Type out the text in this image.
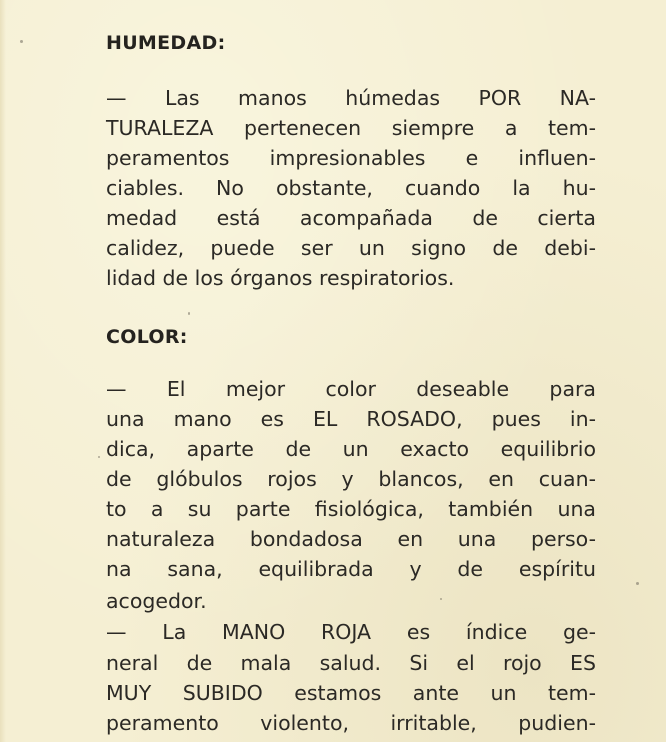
HUMEDAD:
— Las manos húmedas POR NA-
TURALEZA pertenecen siempre a tem-
peramentos impresionables e influen-
ciables. No obstante, cuando la hu-
medad está acompañada de cierta
calidez, puede ser un signo de debi-
lidad de los órganos respiratorios.
COLOR:
— El mejor color deseable para
una mano es EL ROSADO, pues in-
dica, aparte de un exacto equilibrio
de glóbulos rojos y blancos, en cuan-
to a su parte fisiológica, también una
naturaleza bondadosa en una perso-
na sana, equilibrada y de espíritu
acogedor.
— La MANO ROJA es índice ge-
neral de mala salud. Si el rojo ES
MUY SUBIDO estamos ante un tem-
peramento violento, irritable, pudien-
